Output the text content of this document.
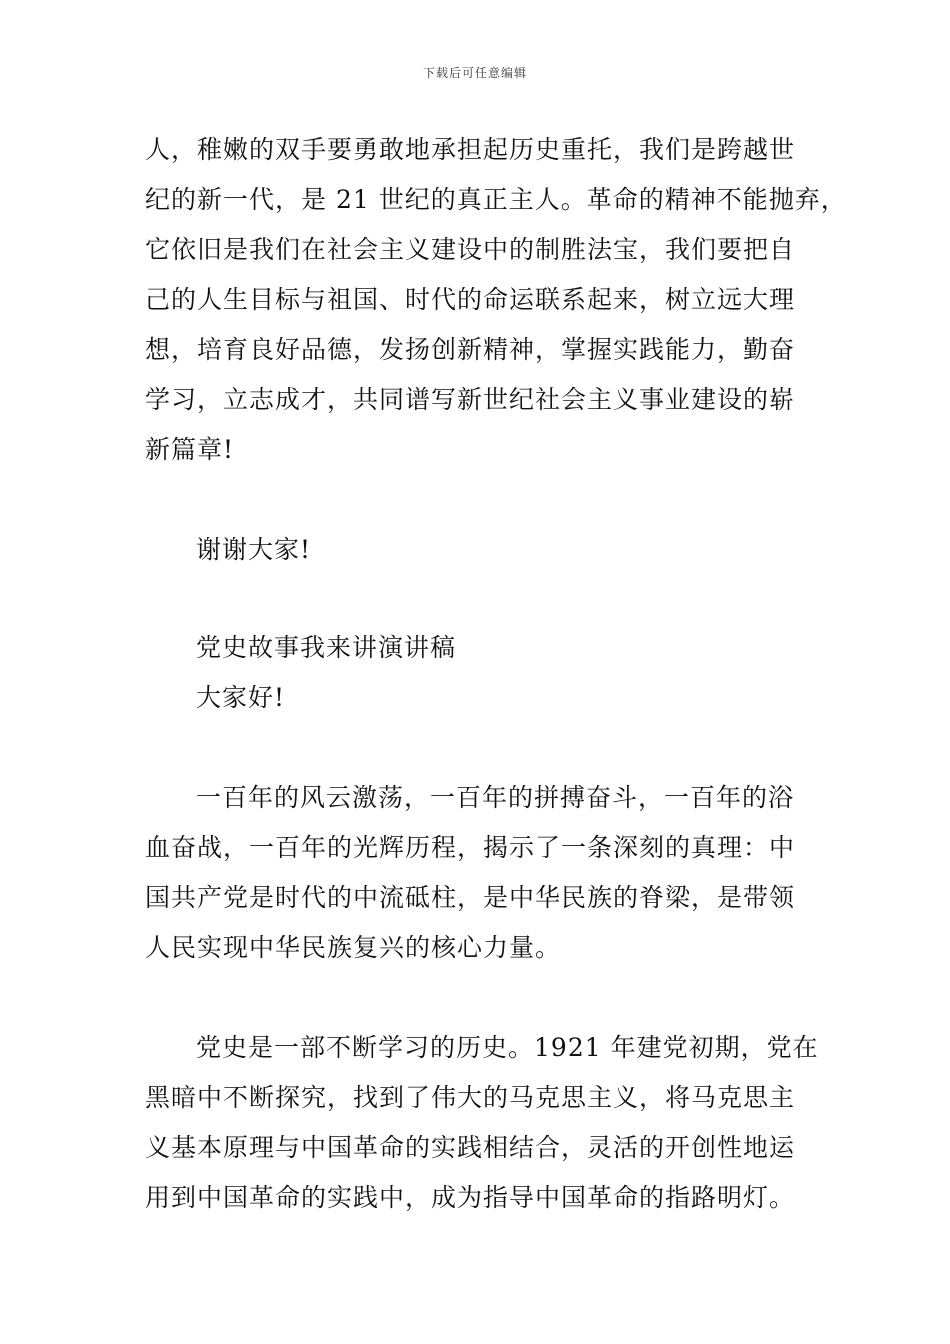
下载后可任意编辑
人，稚嫩的双手要勇敢地承担起历史重托，我们是跨越世
纪的新一代，是 21 世纪的真正主人。革命的精神不能抛弃，
它依旧是我们在社会主义建设中的制胜法宝，我们要把自
己的人生目标与祖国、时代的命运联系起来，树立远大理
想，培育良好品德，发扬创新精神，掌握实践能力，勤奋
学习，立志成才，共同谱写新世纪社会主义事业建设的崭
新篇章!
谢谢大家!
党史故事我来讲演讲稿
大家好!
一百年的风云激荡，一百年的拼搏奋斗，一百年的浴
血奋战，一百年的光辉历程，揭示了一条深刻的真理：中
国共产党是时代的中流砥柱，是中华民族的脊梁，是带领
人民实现中华民族复兴的核心力量。
党史是一部不断学习的历史。1921 年建党初期，党在
黑暗中不断探究，找到了伟大的马克思主义，将马克思主
义基本原理与中国革命的实践相结合，灵活的开创性地运
用到中国革命的实践中，成为指导中国革命的指路明灯。
